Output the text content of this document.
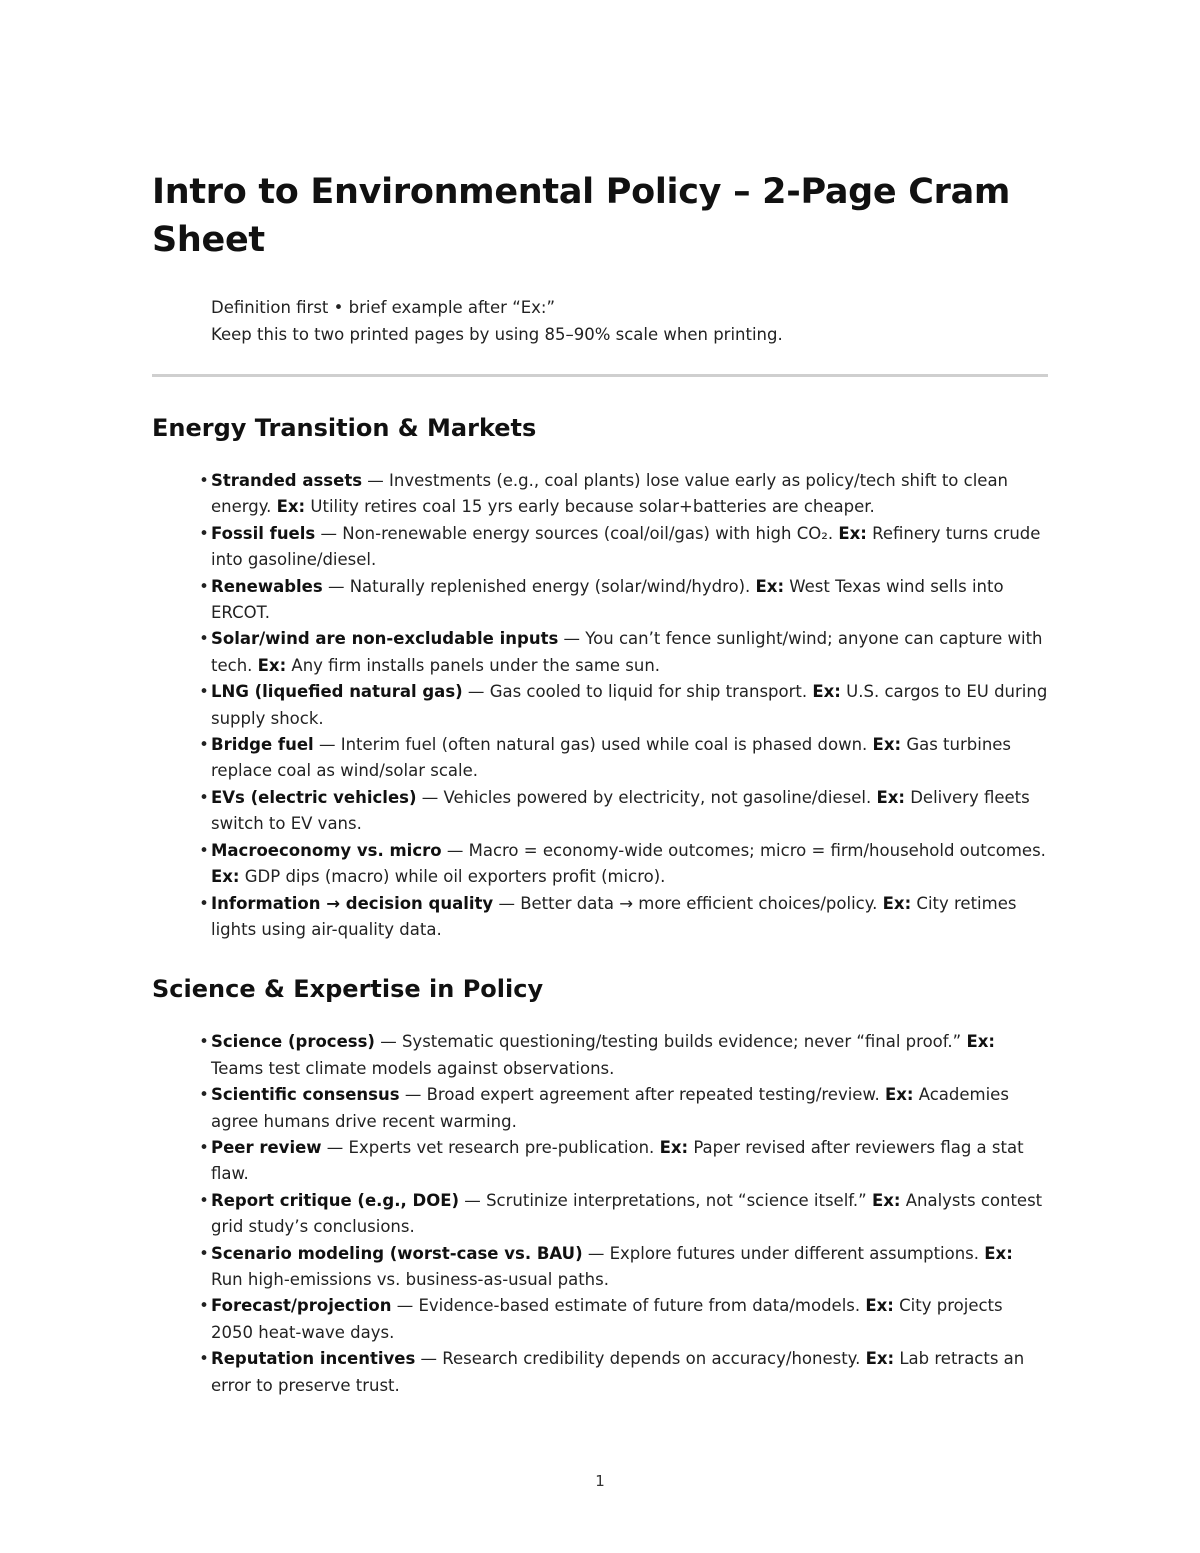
Intro to Environmental Policy – 2-Page Cram Sheet
Definition first • brief example after “Ex:”
Keep this to two printed pages by using 85–90% scale when printing.
Energy Transition & Markets
• Stranded assets — Investments (e.g., coal plants) lose value early as policy/tech shift to clean energy. Ex: Utility retires coal 15 yrs early because solar+batteries are cheaper.
• Fossil fuels — Non-renewable energy sources (coal/oil/gas) with high CO₂. Ex: Refinery turns crude into gasoline/diesel.
• Renewables — Naturally replenished energy (solar/wind/hydro). Ex: West Texas wind sells into ERCOT.
• Solar/wind are non-excludable inputs — You can’t fence sunlight/wind; anyone can capture with tech. Ex: Any firm installs panels under the same sun.
• LNG (liquefied natural gas) — Gas cooled to liquid for ship transport. Ex: U.S. cargos to EU during supply shock.
• Bridge fuel — Interim fuel (often natural gas) used while coal is phased down. Ex: Gas turbines replace coal as wind/solar scale.
• EVs (electric vehicles) — Vehicles powered by electricity, not gasoline/diesel. Ex: Delivery fleets switch to EV vans.
• Macroeconomy vs. micro — Macro = economy-wide outcomes; micro = firm/household outcomes. Ex: GDP dips (macro) while oil exporters profit (micro).
• Information → decision quality — Better data → more efficient choices/policy. Ex: City retimes lights using air-quality data.
Science & Expertise in Policy
• Science (process) — Systematic questioning/testing builds evidence; never “final proof.” Ex: Teams test climate models against observations.
• Scientific consensus — Broad expert agreement after repeated testing/review. Ex: Academies agree humans drive recent warming.
• Peer review — Experts vet research pre-publication. Ex: Paper revised after reviewers flag a stat flaw.
• Report critique (e.g., DOE) — Scrutinize interpretations, not “science itself.” Ex: Analysts contest grid study’s conclusions.
• Scenario modeling (worst-case vs. BAU) — Explore futures under different assumptions. Ex: Run high-emissions vs. business-as-usual paths.
• Forecast/projection — Evidence-based estimate of future from data/models. Ex: City projects 2050 heat-wave days.
• Reputation incentives — Research credibility depends on accuracy/honesty. Ex: Lab retracts an error to preserve trust.
1
